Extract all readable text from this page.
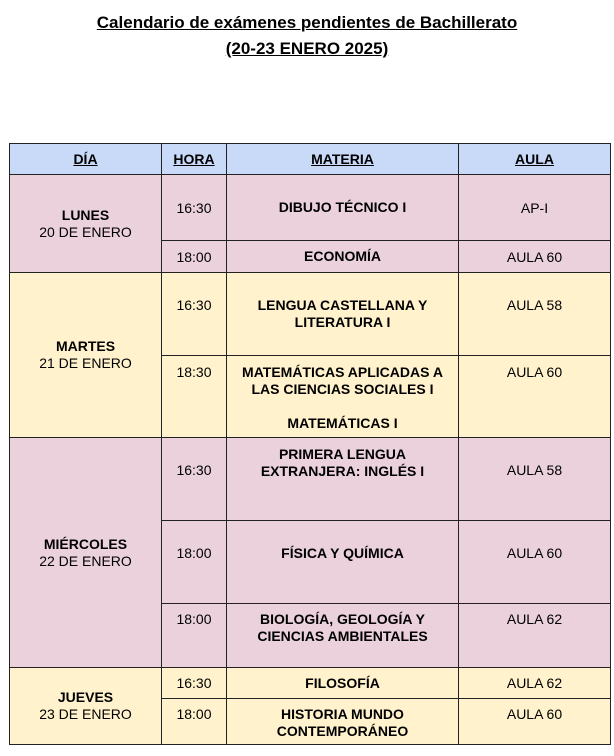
Calendario de exámenes pendientes de Bachillerato
(20-23 ENERO 2025)
DÍA	HORA	MATERIA	AULA

LUNES
20 DE ENERO	16:30	DIBUJO TÉCNICO I	AP-I
	18:00	ECONOMÍA	AULA 60

MARTES
21 DE ENERO	16:30	LENGUA CASTELLANA Y LITERATURA I	AULA 58
	18:30	MATEMÁTICAS APLICADAS A LAS CIENCIAS SOCIALES I
MATEMÁTICAS I	AULA 60

MIÉRCOLES
22 DE ENERO	16:30	PRIMERA LENGUA EXTRANJERA: INGLÉS I	AULA 58
	18:00	FÍSICA Y QUÍMICA	AULA 60
	18:00	BIOLOGÍA, GEOLOGÍA Y CIENCIAS AMBIENTALES	AULA 62

JUEVES
23 DE ENERO	16:30	FILOSOFÍA	AULA 62
	18:00	HISTORIA MUNDO CONTEMPORÁNEO	AULA 60
